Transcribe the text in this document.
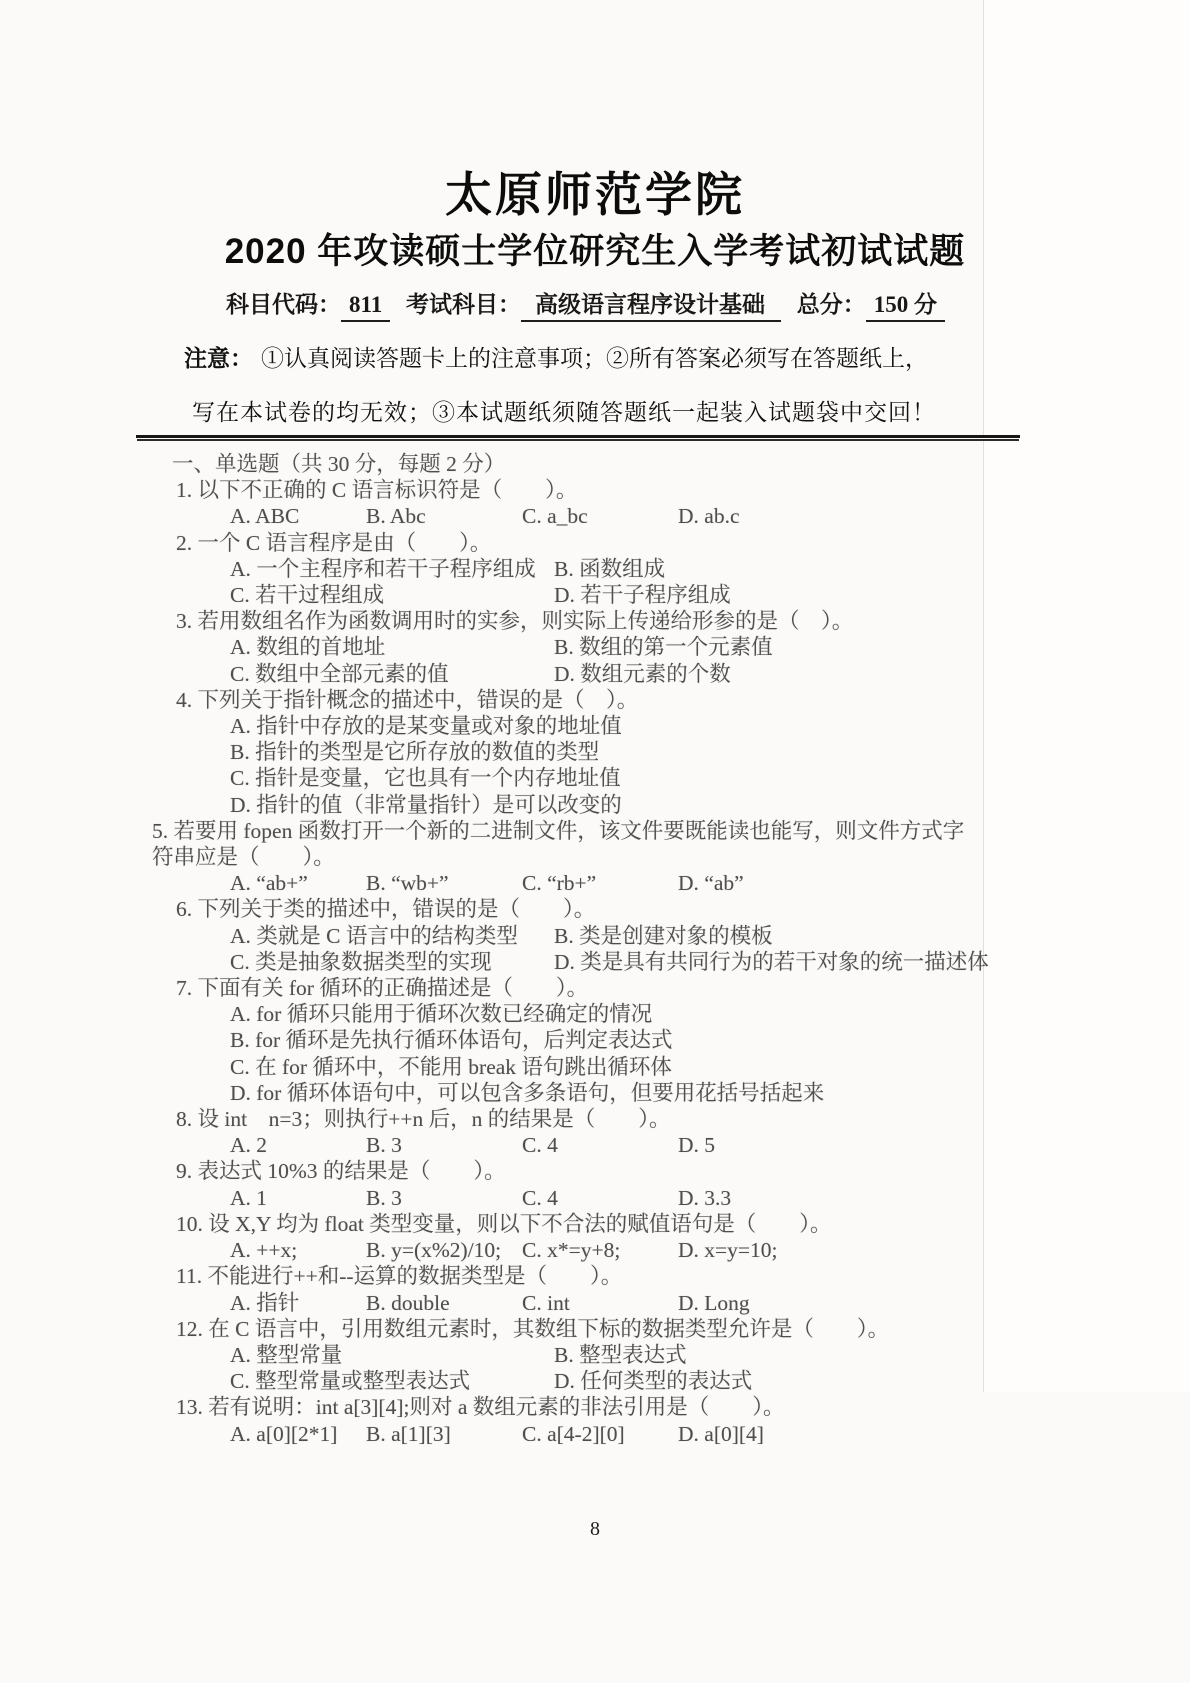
太原师范学院
2020 年攻读硕士学位研究生入学考试初试试题
科目代码： 811 考试科目： 高级语言程序设计基础 总分： 150 分
注意： ①认真阅读答题卡上的注意事项；②所有答案必须写在答题纸上，
写在本试卷的均无效；③本试题纸须随答题纸一起装入试题袋中交回！
一、单选题（共 30 分，每题 2 分）
1. 以下不正确的 C 语言标识符是（　　）。
A. ABC	B. Abc	C. a_bc	D. ab.c
2. 一个 C 语言程序是由（　　）。
A. 一个主程序和若干子程序组成 B. 函数组成
C. 若干过程组成	D. 若干子程序组成
3. 若用数组名作为函数调用时的实参，则实际上传递给形参的是（　）。
A. 数组的首地址	B. 数组的第一个元素值
C. 数组中全部元素的值	D. 数组元素的个数
4. 下列关于指针概念的描述中，错误的是（　）。
A. 指针中存放的是某变量或对象的地址值
B. 指针的类型是它所存放的数值的类型
C. 指针是变量，它也具有一个内存地址值
D. 指针的值（非常量指针）是可以改变的
5. 若要用 fopen 函数打开一个新的二进制文件，该文件要既能读也能写，则文件方式字
符串应是（　　）。
A. “ab+”	B. “wb+”	C. “rb+”	D. “ab”
6. 下列关于类的描述中，错误的是（　　）。
A. 类就是 C 语言中的结构类型	B. 类是创建对象的模板
C. 类是抽象数据类型的实现	D. 类是具有共同行为的若干对象的统一描述体
7. 下面有关 for 循环的正确描述是（　　）。
A. for 循环只能用于循环次数已经确定的情况
B. for 循环是先执行循环体语句，后判定表达式
C. 在 for 循环中，不能用 break 语句跳出循环体
D. for 循环体语句中，可以包含多条语句，但要用花括号括起来
8. 设 int　n=3；则执行++n 后，n 的结果是（　　）。
A. 2	B. 3	C. 4	D. 5
9. 表达式 10%3 的结果是（　　）。
A. 1	B. 3	C. 4	D. 3.3
10. 设 X,Y 均为 float 类型变量，则以下不合法的赋值语句是（　　）。
A. ++x;	B. y=(x%2)/10; C. x*=y+8;	D. x=y=10;
11. 不能进行++和--运算的数据类型是（　　）。
A. 指针	B. double	C. int	D. Long
12. 在 C 语言中，引用数组元素时，其数组下标的数据类型允许是（　　）。
A. 整型常量	B. 整型表达式
C. 整型常量或整型表达式	D. 任何类型的表达式
13. 若有说明：int a[3][4];则对 a 数组元素的非法引用是（　　）。
A. a[0][2*1]	B. a[1][3]	C. a[4-2][0]	D. a[0][4]
8
